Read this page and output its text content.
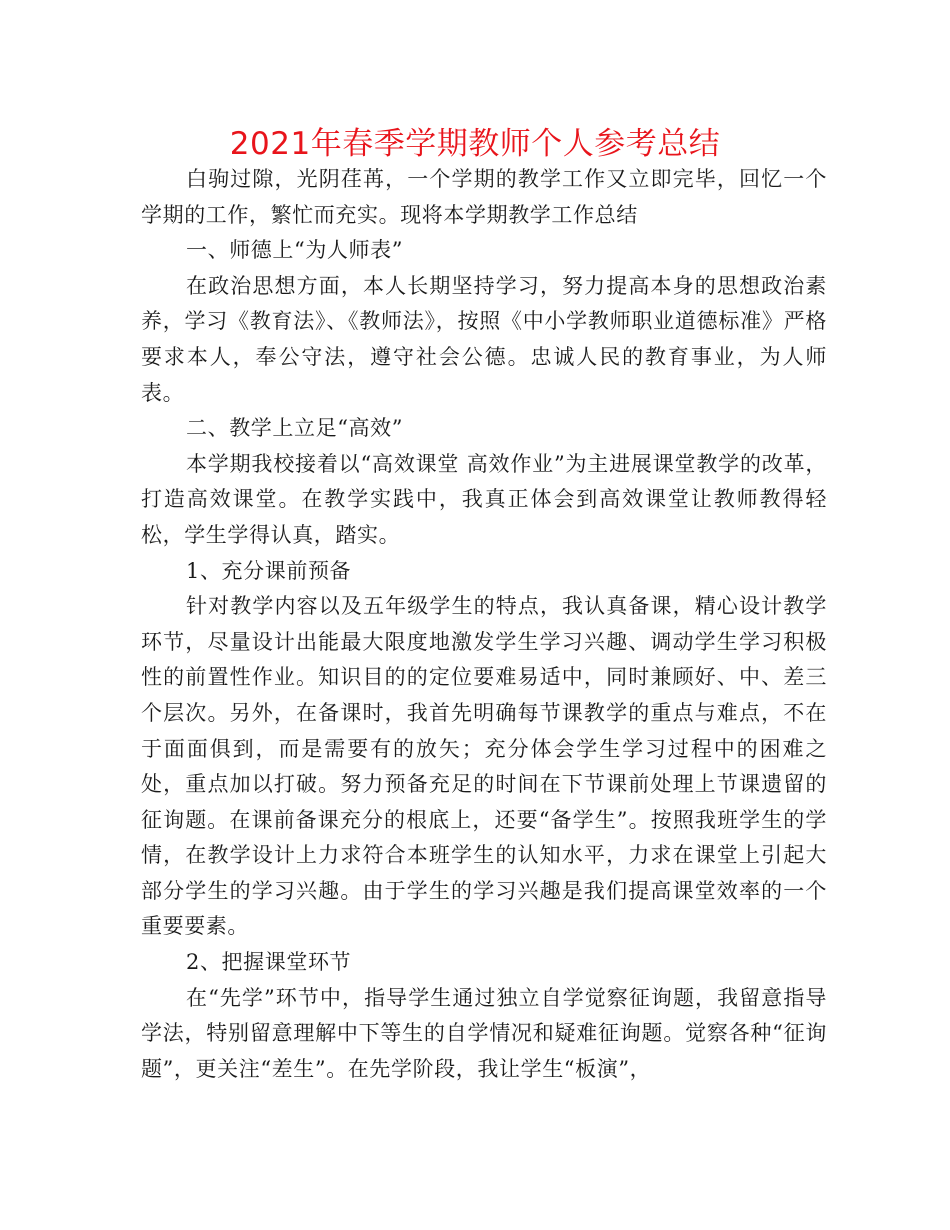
2021年春季学期教师个人参考总结

白驹过隙，光阴荏苒，一个学期的教学工作又立即完毕，回忆一个学期的工作，繁忙而充实。现将本学期教学工作总结

一、师德上“为人师表”

在政治思想方面，本人长期坚持学习，努力提高本身的思想政治素养，学习《教育法》、《教师法》，按照《中小学教师职业道德标准》严格要求本人，奉公守法，遵守社会公德。忠诚人民的教育事业，为人师表。

二、教学上立足“高效”

本学期我校接着以“高效课堂 高效作业”为主进展课堂教学的改革，打造高效课堂。在教学实践中，我真正体会到高效课堂让教师教得轻松，学生学得认真，踏实。

1、充分课前预备

针对教学内容以及五年级学生的特点，我认真备课，精心设计教学环节，尽量设计出能最大限度地激发学生学习兴趣、调动学生学习积极性的前置性作业。知识目的的定位要难易适中，同时兼顾好、中、差三个层次。另外，在备课时，我首先明确每节课教学的重点与难点，不在于面面俱到，而是需要有的放矢；充分体会学生学习过程中的困难之处，重点加以打破。努力预备充足的时间在下节课前处理上节课遗留的征询题。在课前备课充分的根底上，还要“备学生”。按照我班学生的学情，在教学设计上力求符合本班学生的认知水平，力求在课堂上引起大部分学生的学习兴趣。由于学生的学习兴趣是我们提高课堂效率的一个重要要素。

2、把握课堂环节

在“先学”环节中，指导学生通过独立自学觉察征询题，我留意指导学法，特别留意理解中下等生的自学情况和疑难征询题。觉察各种“征询题”，更关注“差生”。在先学阶段，我让学生“板演”，
